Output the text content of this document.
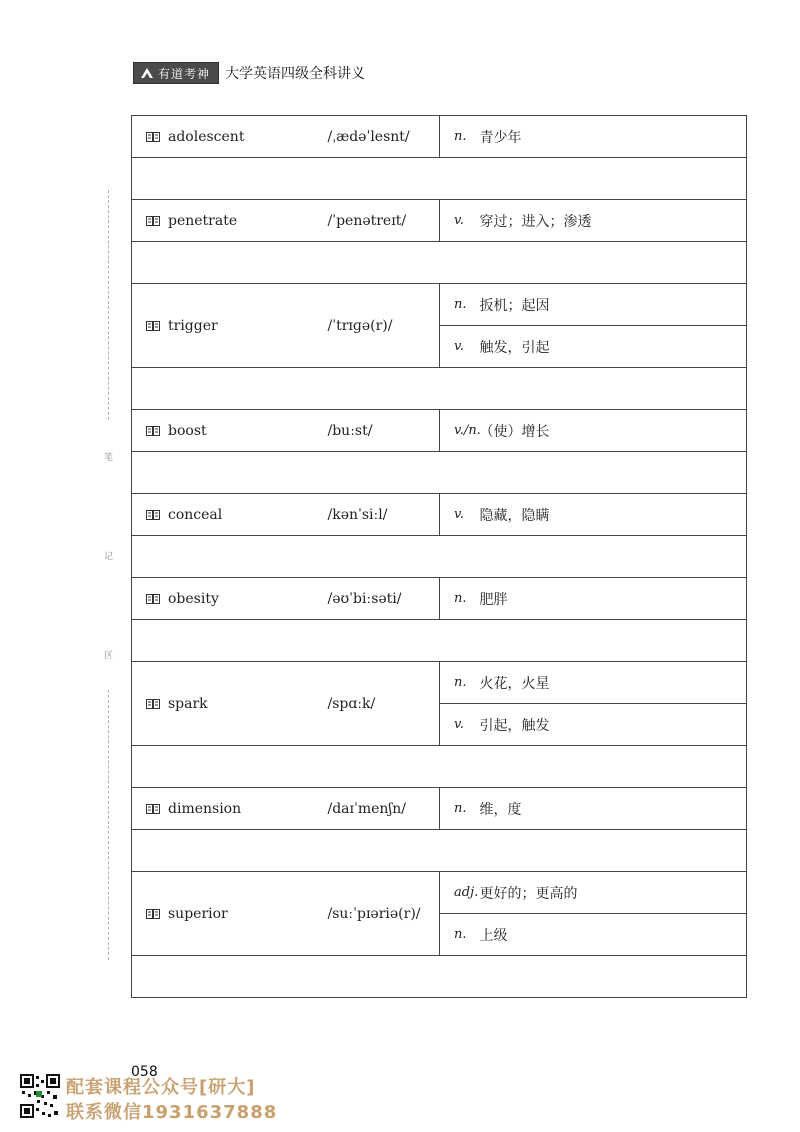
有道考神 大学英语四级全科讲义
笔
记
区
adolescent	/ˌædəˈlesnt/	n.	青少年

penetrate	/ˈpenətreɪt/	v.	穿过；进入；渗透

trigger	/ˈtrɪɡə(r)/	n.	扳机；起因
		v.	触发，引起

boost	/buːst/	v./n.	（使）增长

conceal	/kənˈsiːl/	v.	隐藏，隐瞒

obesity	/əʊˈbiːsəti/	n.	肥胖

spark	/spɑːk/	n.	火花，火星
		v.	引起，触发

dimension	/daɪˈmenʃn/	n.	维，度

superior	/suːˈpɪəriə(r)/	adj.	更好的；更高的
		n.	上级

058
配套课程公众号[研大]
联系微信1931637888
